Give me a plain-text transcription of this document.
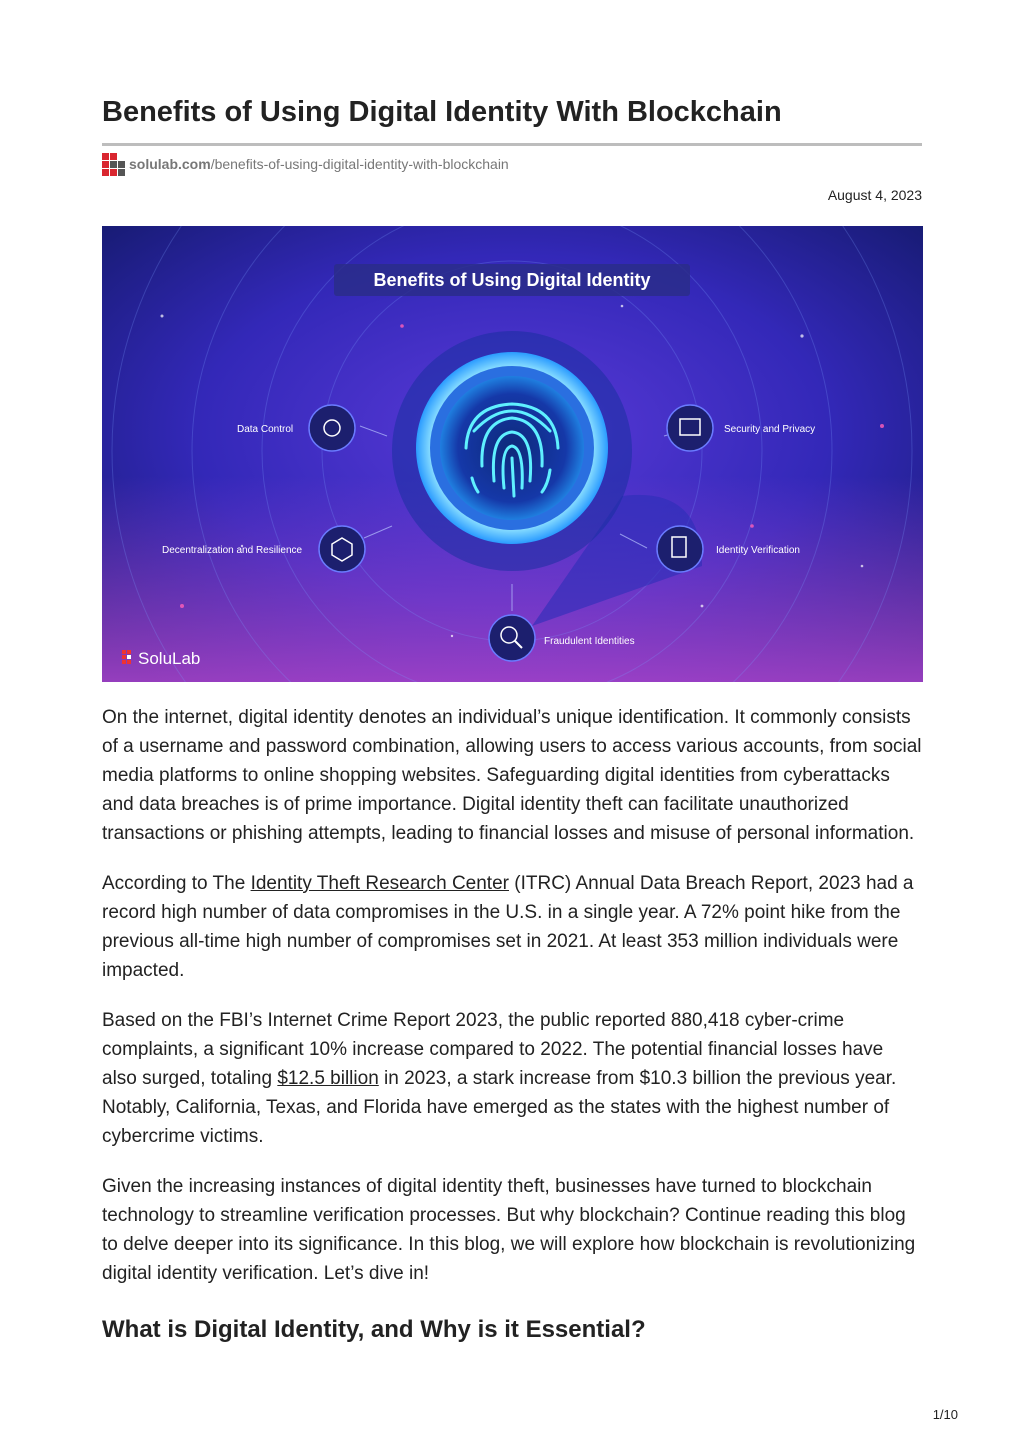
Benefits of Using Digital Identity With Blockchain
solulab.com /benefits-of-using-digital-identity-with-blockchain
August 4, 2023
Benefits of Using Digital Identity
Data Control	Security and Privacy
Decentralization and Resilience	Identity Verification
Fraudulent Identities
SoluLab

On the internet, digital identity denotes an individual’s unique identification. It commonly consists of a username and password combination, allowing users to access various accounts, from social media platforms to online shopping websites. Safeguarding digital identities from cyberattacks and data breaches is of prime importance. Digital identity theft can facilitate unauthorized transactions or phishing attempts, leading to financial losses and misuse of personal information.

According to The Identity Theft Research Center (ITRC) Annual Data Breach Report, 2023 had a record high number of data compromises in the U.S. in a single year. A 72% point hike from the previous all-time high number of compromises set in 2021. At least 353 million individuals were impacted.

Based on the FBI’s Internet Crime Report 2023, the public reported 880,418 cyber-crime complaints, a significant 10% increase compared to 2022. The potential financial losses have also surged, totaling $12.5 billion in 2023, a stark increase from $10.3 billion the previous year. Notably, California, Texas, and Florida have emerged as the states with the highest number of cybercrime victims.

Given the increasing instances of digital identity theft, businesses have turned to blockchain technology to streamline verification processes. But why blockchain? Continue reading this blog to delve deeper into its significance. In this blog, we will explore how blockchain is revolutionizing digital identity verification. Let’s dive in!

What is Digital Identity, and Why is it Essential?
1/10
